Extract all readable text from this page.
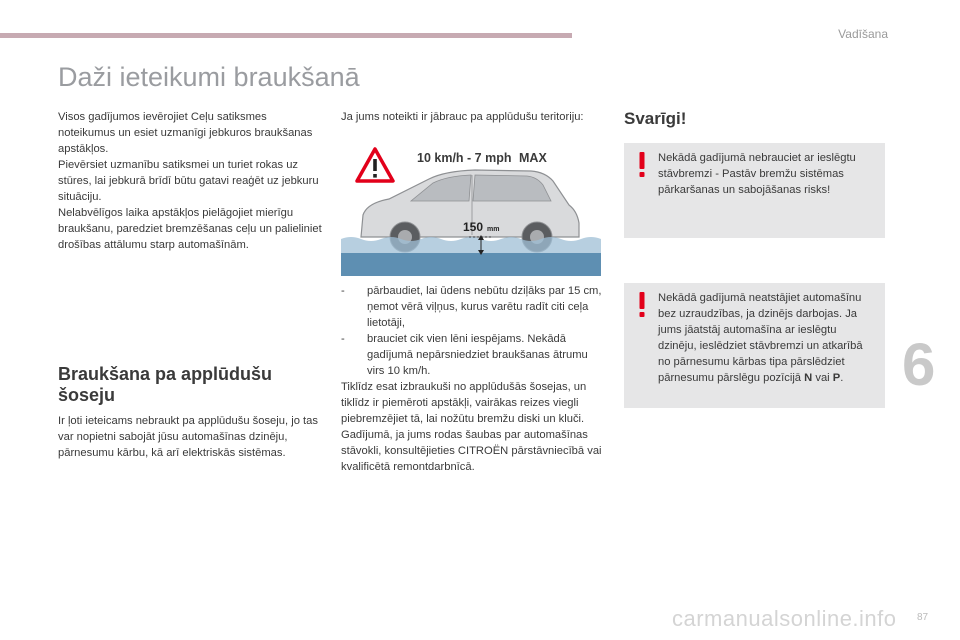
Vadīšana
Daži ieteikumi braukšanā

Visos gadījumos ievērojiet Ceļu satiksmes noteikumus un esiet uzmanīgi jebkuros braukšanas apstākļos.

Pievērsiet uzmanību satiksmei un turiet rokas uz stūres, lai jebkurā brīdī būtu gatavi reaģēt uz jebkuru situāciju.

Nelabvēlīgos laika apstākļos pielāgojiet mierīgu braukšanu, paredziet bremzēšanas ceļu un palieliniet drošības attālumu starp automašīnām.

Braukšana pa applūdušu šoseju

Ir ļoti ieteicams nebraukt pa applūdušu šoseju, jo tas var nopietni sabojāt jūsu automašīnas dzinēju, pārnesumu kārbu, kā arī elektriskās sistēmas.

Ja jums noteikti ir jābrauc pa applūdušu teritoriju:

10 km/h - 7 mph MAX
150 mm
-	pārbaudiet, lai ūdens nebūtu dziļāks par 15 cm, ņemot vērā viļņus, kurus varētu radīt citi ceļa lietotāji,
-	brauciet cik vien lēni iespējams. Nekādā gadījumā nepārsniedziet braukšanas ātrumu virs 10 km/h.

Tiklīdz esat izbraukuši no applūdušās šosejas, un tiklīdz ir piemēroti apstākļi, vairākas reizes viegli piebremzējiet tā, lai nožūtu bremžu diski un kluči.

Gadījumā, ja jums rodas šaubas par automašīnas stāvokli, konsultējieties CITROËN pārstāvniecībā vai kvalificētā remontdarbnīcā.

Svarīgi!
Nekādā gadījumā nebrauciet ar ieslēgtu stāvbremzi - Pastāv bremžu sistēmas pārkaršanas un sabojāšanas risks!
Nekādā gadījumā neatstājiet automašīnu bez uzraudzības, ja dzinējs darbojas. Ja jums jāatstāj automašīna ar ieslēgtu dzinēju, ieslēdziet stāvbremzi un atkarībā no pārnesumu kārbas tipa pārslēdziet pārnesumu pārslēgu pozīcijā N vai P. 6
carmanualsonline.info 87
